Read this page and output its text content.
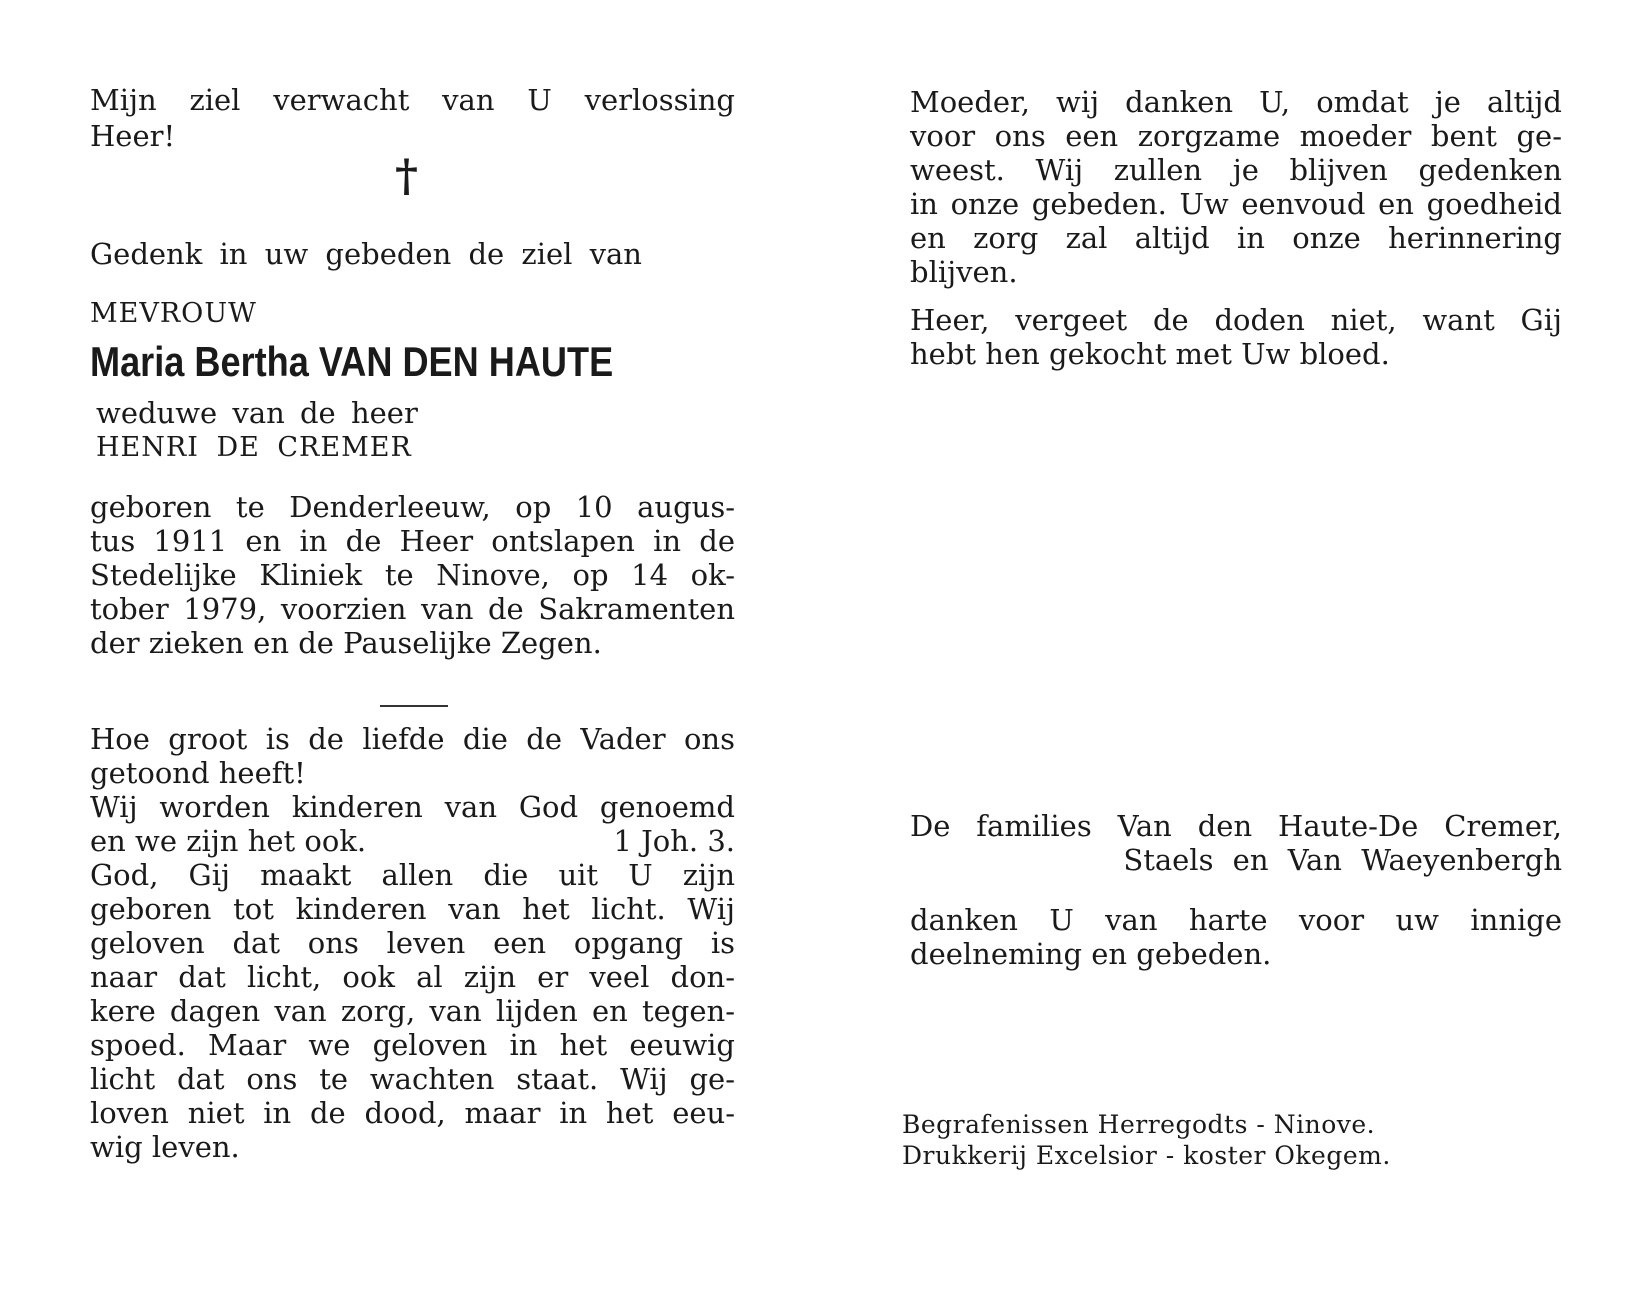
Mijn ziel verwacht van U verlossing
Heer!
†
Gedenk in uw gebeden de ziel van
MEVROUW
Maria Bertha VAN DEN HAUTE
weduwe van de heer
HENRI DE CREMER
geboren te Denderleeuw, op 10 augus-
tus 1911 en in de Heer ontslapen in de
Stedelijke Kliniek te Ninove, op 14 ok-
tober 1979, voorzien van de Sakramenten
der zieken en de Pauselijke Zegen.
Hoe groot is de liefde die de Vader ons
getoond heeft!
Wij worden kinderen van God genoemd
en we zijn het ook.	1 Joh. 3.
God, Gij maakt allen die uit U zijn
geboren tot kinderen van het licht. Wij
geloven dat ons leven een opgang is
naar dat licht, ook al zijn er veel don-
kere dagen van zorg, van lijden en tegen-
spoed. Maar we geloven in het eeuwig
licht dat ons te wachten staat. Wij ge-
loven niet in de dood, maar in het eeu-
wig leven.
Moeder, wij danken U, omdat je altijd
voor ons een zorgzame moeder bent ge-
weest. Wij zullen je blijven gedenken
in onze gebeden. Uw eenvoud en goedheid
en zorg zal altijd in onze herinnering
blijven.
Heer, vergeet de doden niet, want Gij
hebt hen gekocht met Uw bloed.
De families Van den Haute-De Cremer,
Staels en Van Waeyenbergh
danken U van harte voor uw innige
deelneming en gebeden.
Begrafenissen Herregodts - Ninove.
Drukkerij Excelsior - koster Okegem.
